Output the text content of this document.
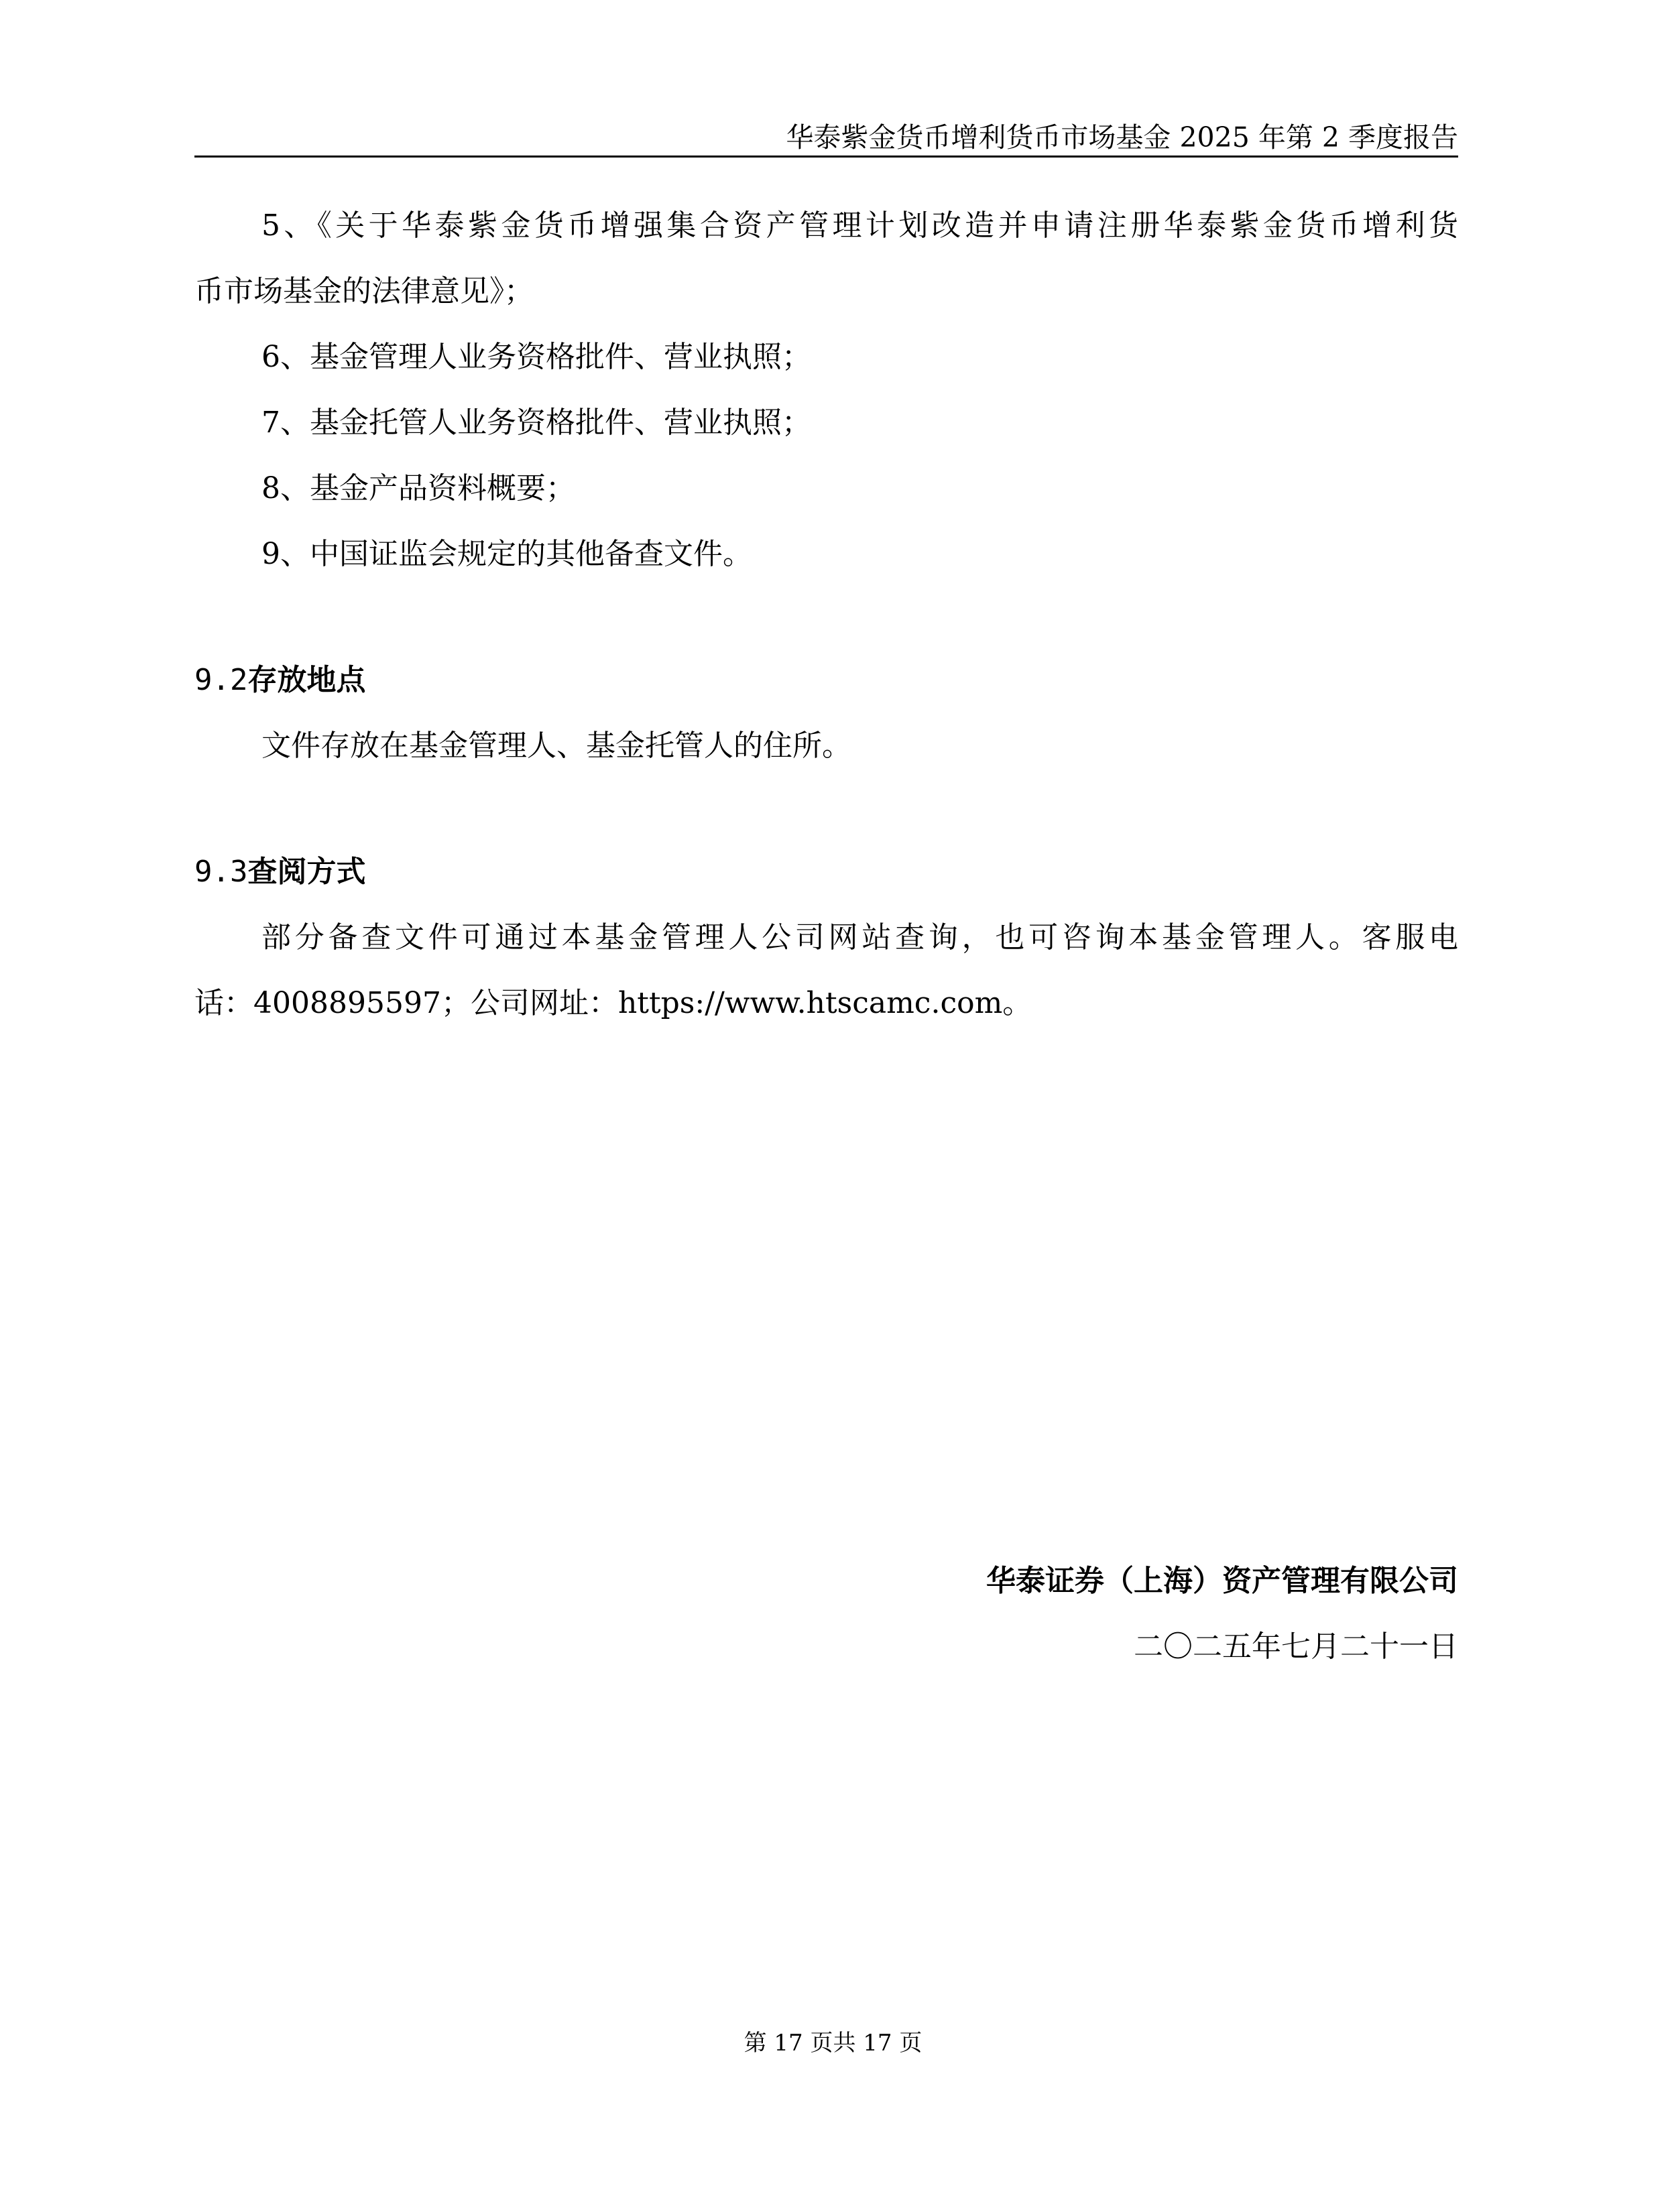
华泰紫金货币增利货币市场基金 2025 年第 2 季度报告
5、《关于华泰紫金货币增强集合资产管理计划改造并申请注册华泰紫金货币增利货
币市场基金的法律意见》；
6、基金管理人业务资格批件、营业执照；
7、基金托管人业务资格批件、营业执照；
8、基金产品资料概要；
9、中国证监会规定的其他备查文件。
9.2存放地点
文件存放在基金管理人、基金托管人的住所。
9.3查阅方式
部分备查文件可通过本基金管理人公司网站查询，也可咨询本基金管理人。客服电
话：4008895597；公司网址：https://www.htscamc.com。
华泰证券（上海）资产管理有限公司
二〇二五年七月二十一日
第 17 页共 17 页
